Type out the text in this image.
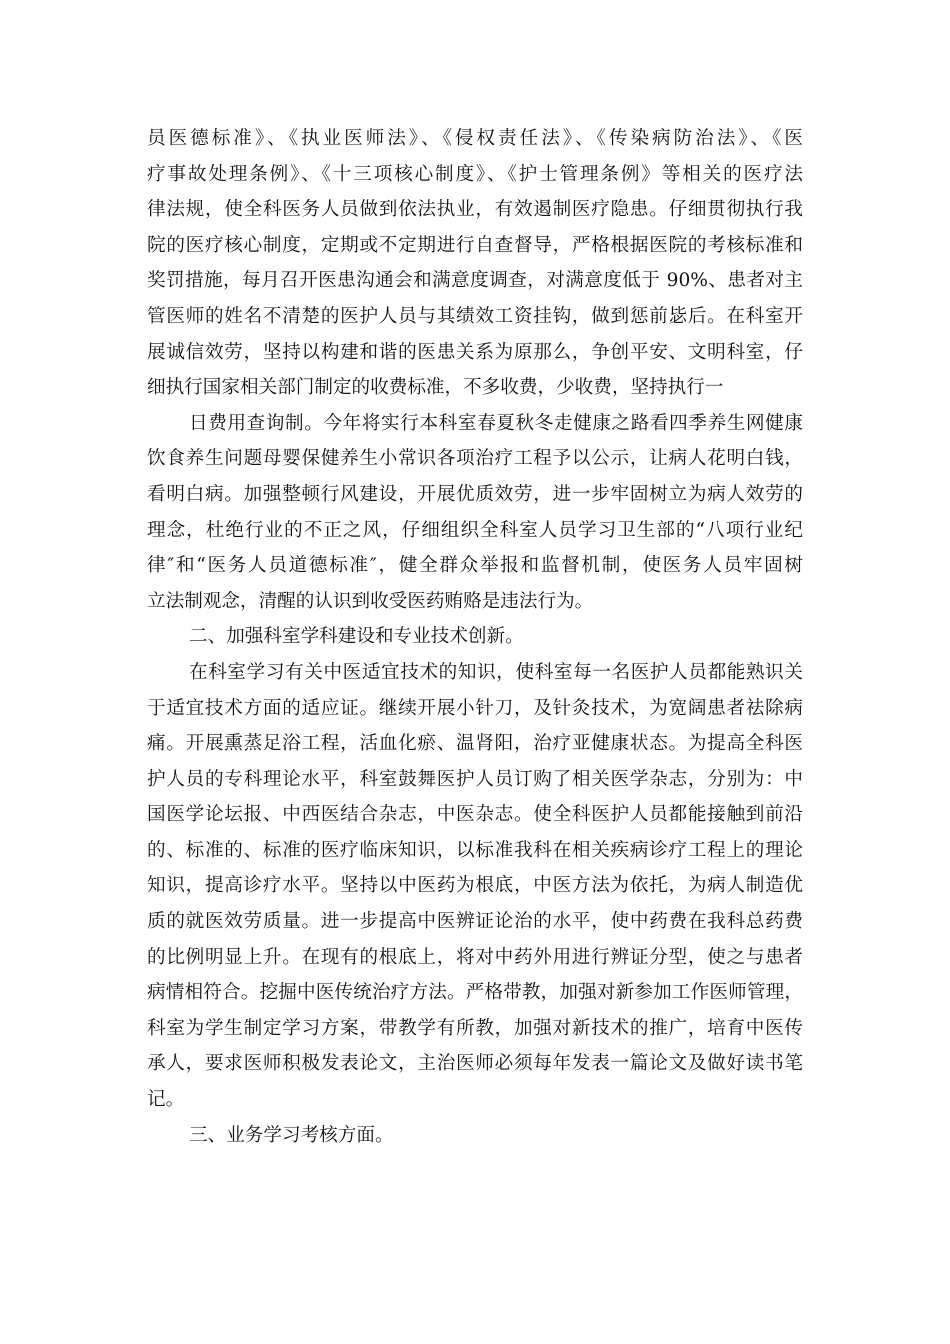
员医德标准》、《执业医师法》、《侵权责任法》、《传染病防治法》、《医
疗事故处理条例》、《十三项核心制度》、《护士管理条例》等相关的医疗法
律法规，使全科医务人员做到依法执业，有效遏制医疗隐患。仔细贯彻执行我
院的医疗核心制度，定期或不定期进行自查督导，严格根据医院的考核标准和
奖罚措施，每月召开医患沟通会和满意度调查，对满意度低于 90%、患者对主
管医师的姓名不清楚的医护人员与其绩效工资挂钩，做到惩前毖后。在科室开
展诚信效劳，坚持以构建和谐的医患关系为原那么，争创平安、文明科室，仔
细执行国家相关部门制定的收费标准，不多收费，少收费，坚持执行一
日费用查询制。今年将实行本科室春夏秋冬走健康之路看四季养生网健康
饮食养生问题母婴保健养生小常识各项治疗工程予以公示，让病人花明白钱，
看明白病。加强整顿行风建设，开展优质效劳，进一步牢固树立为病人效劳的
理念，杜绝行业的不正之风，仔细组织全科室人员学习卫生部的“八项行业纪
律″和“医务人员道德标准″，健全群众举报和监督机制，使医务人员牢固树
立法制观念，清醒的认识到收受医药贿赂是违法行为。
二、加强科室学科建设和专业技术创新。
在科室学习有关中医适宜技术的知识，使科室每一名医护人员都能熟识关
于适宜技术方面的适应证。继续开展小针刀，及针灸技术，为宽阔患者祛除病
痛。开展熏蒸足浴工程，活血化瘀、温肾阳，治疗亚健康状态。为提高全科医
护人员的专科理论水平，科室鼓舞医护人员订购了相关医学杂志，分别为：中
国医学论坛报、中西医结合杂志，中医杂志。使全科医护人员都能接触到前沿
的、标准的、标准的医疗临床知识，以标准我科在相关疾病诊疗工程上的理论
知识，提高诊疗水平。坚持以中医药为根底，中医方法为依托，为病人制造优
质的就医效劳质量。进一步提高中医辨证论治的水平，使中药费在我科总药费
的比例明显上升。在现有的根底上，将对中药外用进行辨证分型，使之与患者
病情相符合。挖掘中医传统治疗方法。严格带教，加强对新参加工作医师管理，
科室为学生制定学习方案，带教学有所教，加强对新技术的推广，培育中医传
承人，要求医师积极发表论文，主治医师必须每年发表一篇论文及做好读书笔
记。
三、业务学习考核方面。
